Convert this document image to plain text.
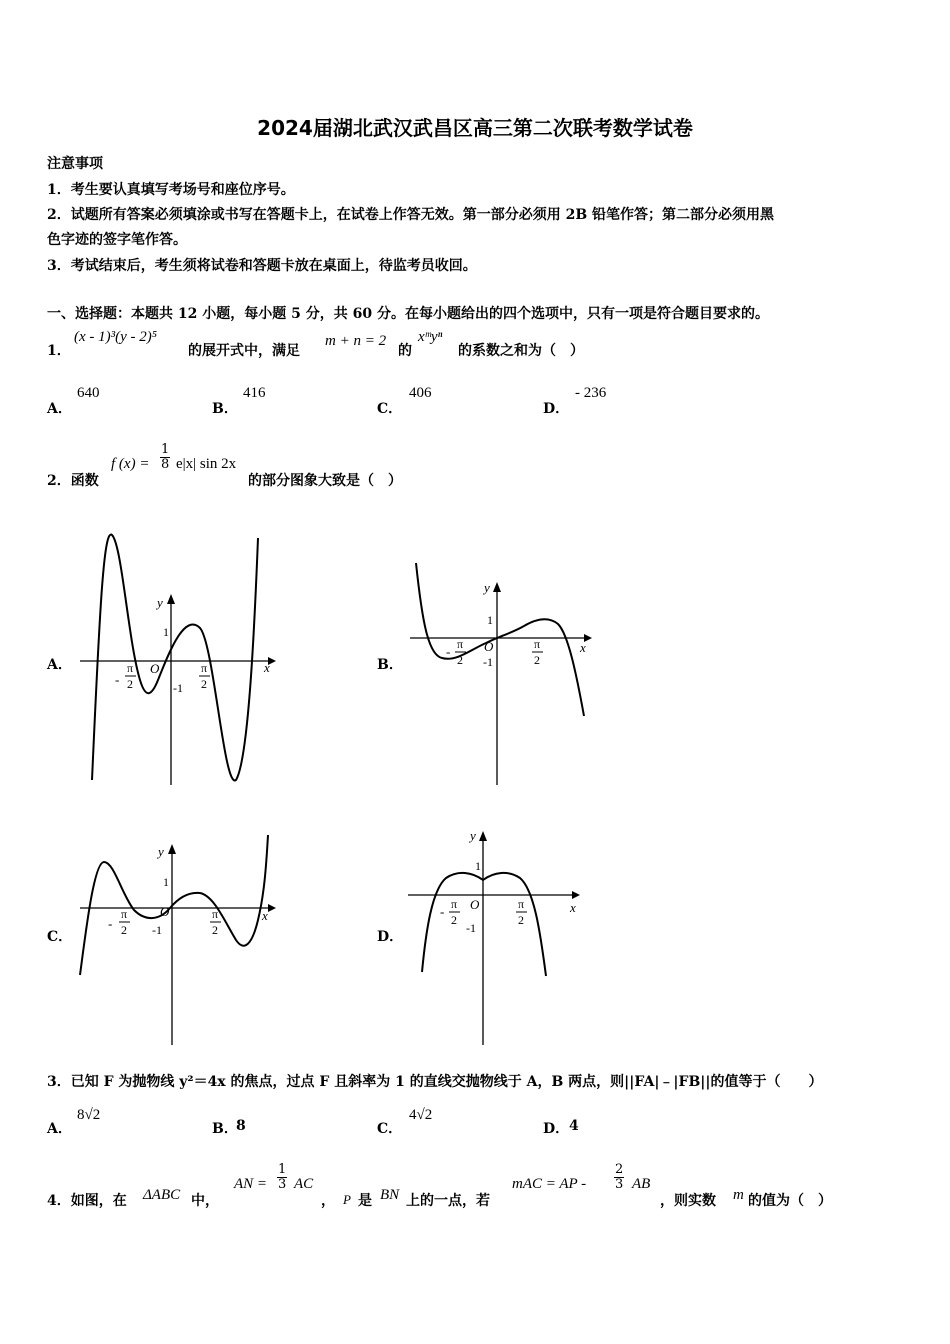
2024届湖北武汉武昌区高三第二次联考数学试卷
注意事项
1．考生要认真填写考场号和座位序号。
2．试题所有答案必须填涂或书写在答题卡上，在试卷上作答无效。第一部分必须用 2B 铅笔作答；第二部分必须用黑
色字迹的签字笔作答。
3．考试结束后，考生须将试卷和答题卡放在桌面上，待监考员收回。
一、选择题：本题共 12 小题，每小题 5 分，共 60 分。在每小题给出的四个选项中，只有一项是符合题目要求的。
1．
(x - 1)³(y - 2)⁵
的展开式中，满足
m + n = 2
的
xᵐyⁿ
的系数之和为（　）
A．
640
B．
416
C．
406
D．
- 236
2．函数
f $(x) = \frac{1}{8} e|x|$ sin 2x
的部分图象大致是（　）
A．	B．
C．	D．
x
y
O
1
-1
-
π
2
π
2
x
y
O
1
-1
- π
2
π
2
x
y
O
1
-1
-
π
2
π
2
x
y
O
1
-1
- π
2
π
2
3．已知 F 为抛物线 y²＝4x 的焦点，过点 F 且斜率为 1 的直线交抛物线于 A，B 两点，则||FA|﹣|FB||的值等于（　　）
A．
8√2
B．
8	C．
4√2
D． 4
4．如图，在 ΔABC 中，
AN = $\frac{1}{3}$ AC
， P 是 BN 上的一点，若
mAC = AP - $\frac{2}{3}$ AB
，则实数 m 的值为（　）
